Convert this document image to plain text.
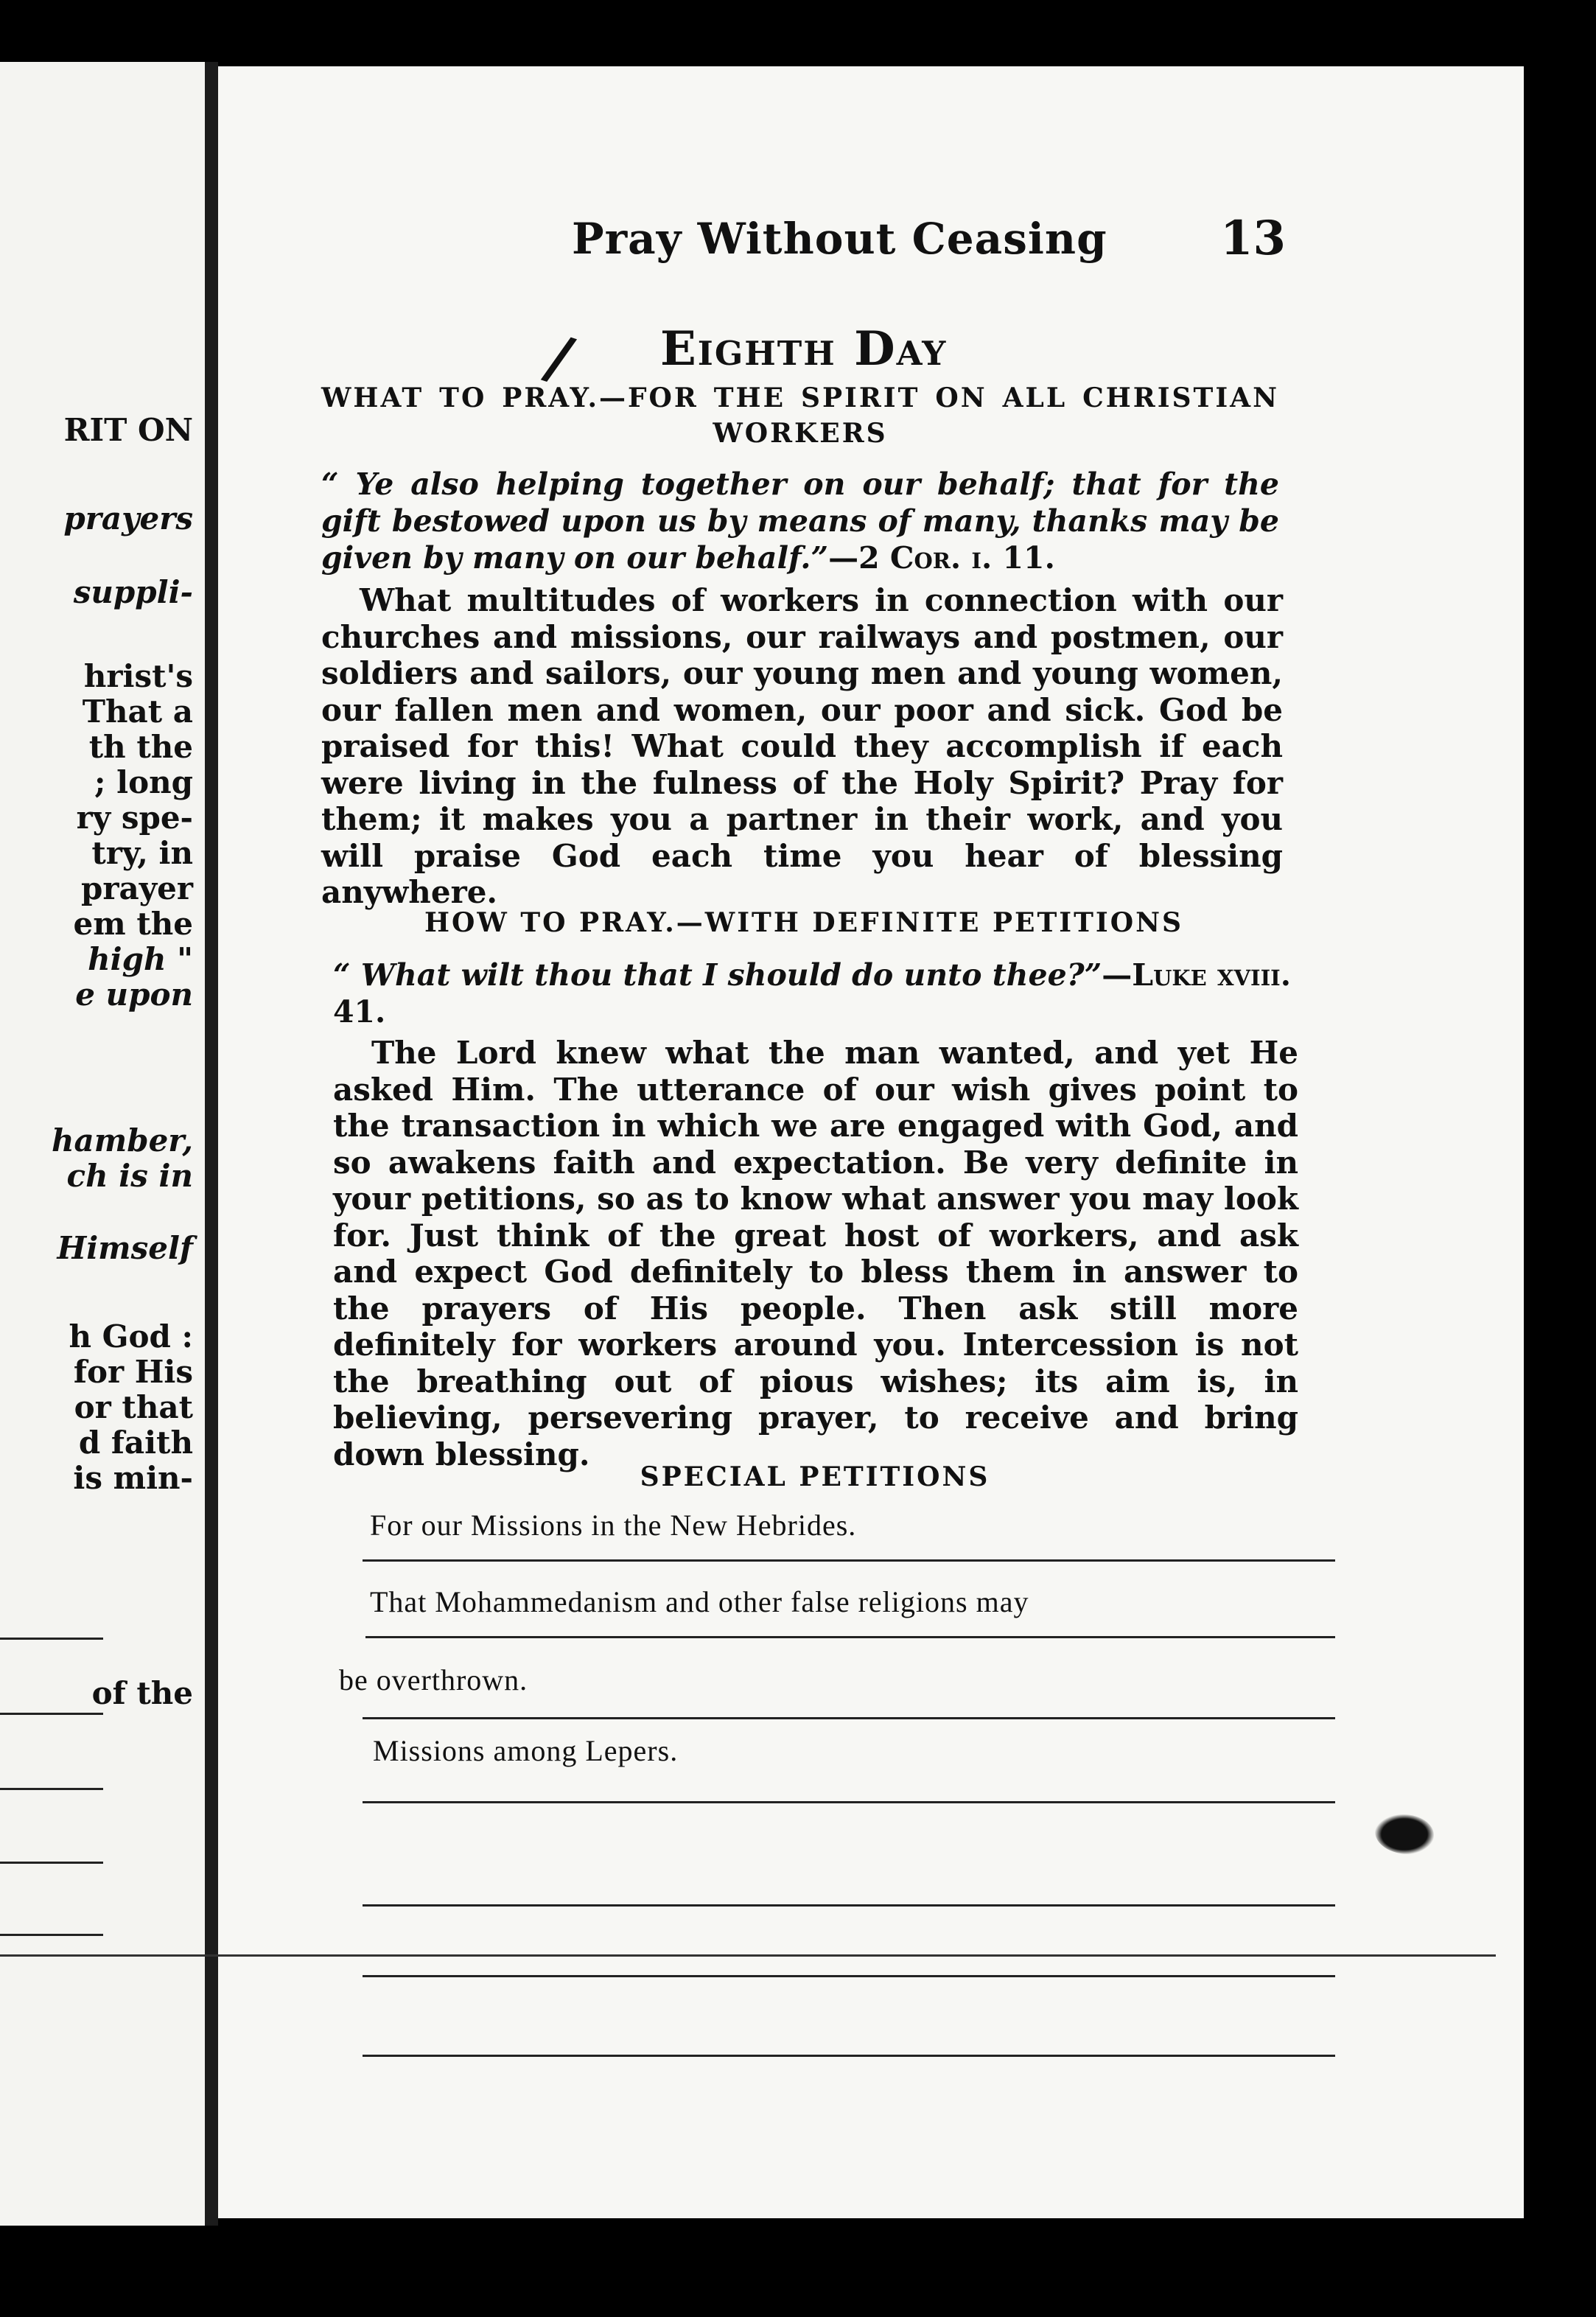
RIT ON

prayers

suppli-

hrist's

That a

th the

; long

ry spe-

try, in

prayer

em the

high "

e upon

hamber,

ch is in

Himself

h God :

for His

or that

d faith

is min-

of the

Pray Without Ceasing 13
/ Eighth Day

WHAT TO PRAY.—FOR THE SPIRIT ON ALL CHRISTIAN WORKERS

“ Ye also helping together on our behalf; that for the gift bestowed upon us by means of many, thanks may be given by many on our behalf.”—2 Cor. i. 11.

What multitudes of workers in connection with our churches and missions, our railways and postmen, our soldiers and sailors, our young men and young women, our fallen men and women, our poor and sick. God be praised for this! What could they accomplish if each were living in the fulness of the Holy Spirit? Pray for them; it makes you a partner in their work, and you will praise God each time you hear of blessing anywhere.

HOW TO PRAY.—WITH DEFINITE PETITIONS

“ What wilt thou that I should do unto thee?”—Luke xviii. 41.

The Lord knew what the man wanted, and yet He asked Him. The utterance of our wish gives point to the transaction in which we are engaged with God, and so awakens faith and expectation. Be very definite in your petitions, so as to know what answer you may look for. Just think of the great host of workers, and ask and expect God definitely to bless them in answer to the prayers of His people. Then ask still more definitely for workers around you. Intercession is not the breathing out of pious wishes; its aim is, in believing, persevering prayer, to receive and bring down blessing.

SPECIAL PETITIONS

For our Missions in the New Hebrides.

That Mohammedanism and other false religions may

be overthrown.

Missions among Lepers.
